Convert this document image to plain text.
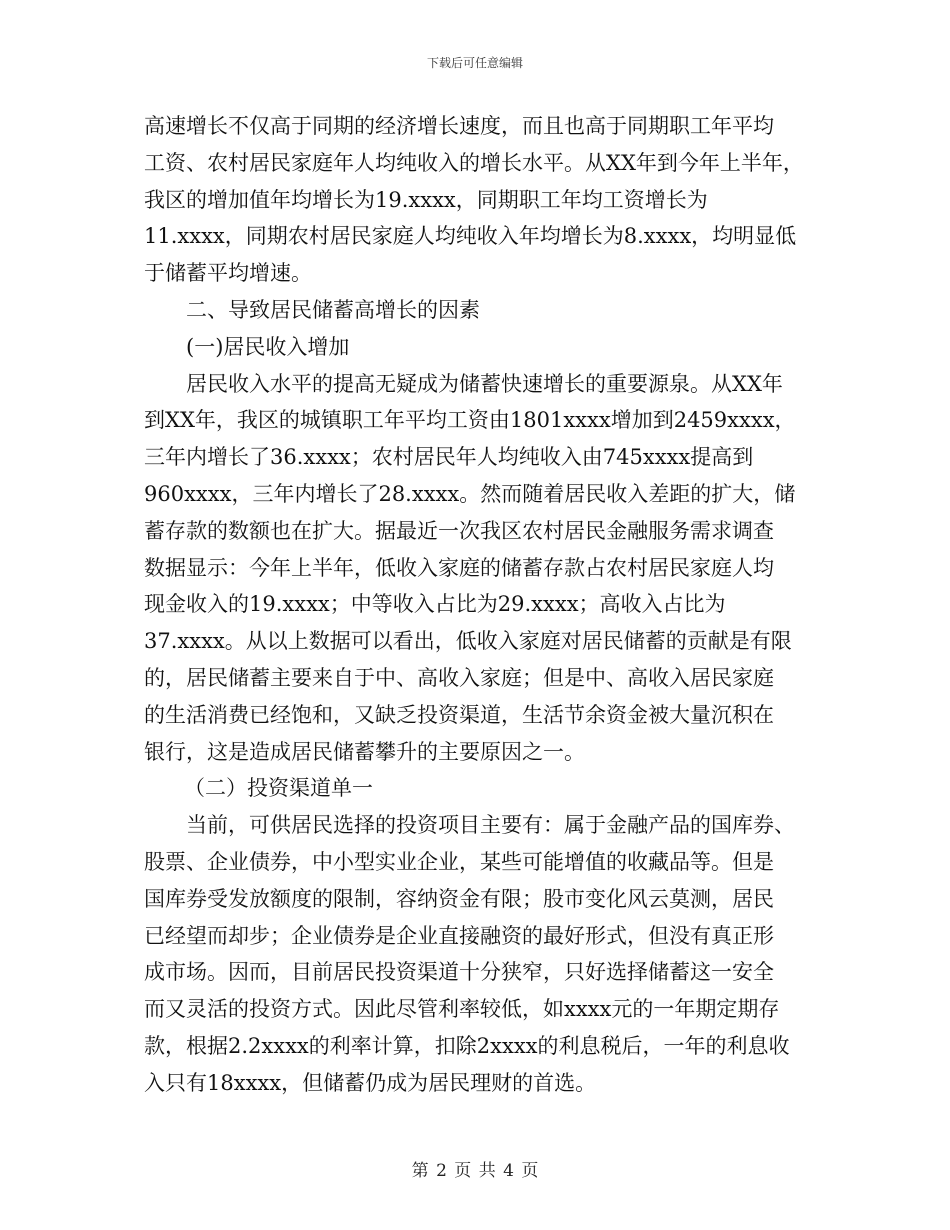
下载后可任意编辑
高速增长不仅高于同期的经济增长速度，而且也高于同期职工年平均
工资、农村居民家庭年人均纯收入的增长水平。从XX年到今年上半年，
我区的增加值年均增长为19.xxxx，同期职工年均工资增长为
11.xxxx，同期农村居民家庭人均纯收入年均增长为8.xxxx，均明显低
于储蓄平均增速。
二、导致居民储蓄高增长的因素
(一)居民收入增加
居民收入水平的提高无疑成为储蓄快速增长的重要源泉。从XX年
到XX年，我区的城镇职工年平均工资由1801xxxx增加到2459xxxx，
三年内增长了36.xxxx；农村居民年人均纯收入由745xxxx提高到
960xxxx，三年内增长了28.xxxx。然而随着居民收入差距的扩大，储
蓄存款的数额也在扩大。据最近一次我区农村居民金融服务需求调查
数据显示：今年上半年，低收入家庭的储蓄存款占农村居民家庭人均
现金收入的19.xxxx；中等收入占比为29.xxxx；高收入占比为
37.xxxx。从以上数据可以看出，低收入家庭对居民储蓄的贡献是有限
的，居民储蓄主要来自于中、高收入家庭；但是中、高收入居民家庭
的生活消费已经饱和，又缺乏投资渠道，生活节余资金被大量沉积在
银行，这是造成居民储蓄攀升的主要原因之一。
（二）投资渠道单一
当前，可供居民选择的投资项目主要有：属于金融产品的国库券、
股票、企业债券，中小型实业企业，某些可能增值的收藏品等。但是
国库券受发放额度的限制，容纳资金有限；股市变化风云莫测，居民
已经望而却步；企业债券是企业直接融资的最好形式，但没有真正形
成市场。因而，目前居民投资渠道十分狭窄，只好选择储蓄这一安全
而又灵活的投资方式。因此尽管利率较低，如xxxx元的一年期定期存
款，根据2.2xxxx的利率计算，扣除2xxxx的利息税后，一年的利息收
入只有18xxxx，但储蓄仍成为居民理财的首选。
第 2 页 共 4 页
